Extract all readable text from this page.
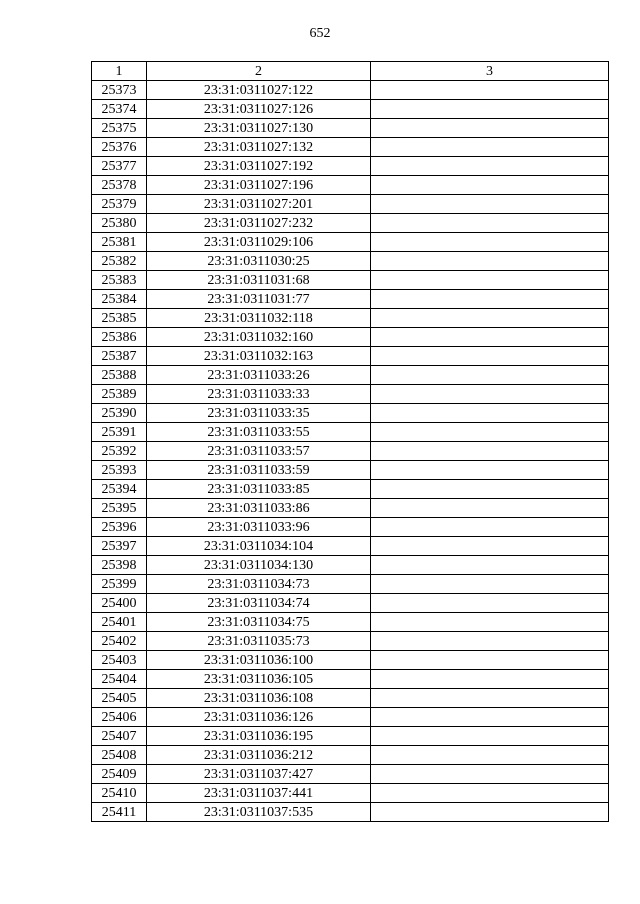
652
1	2	3
25373	23:31:0311027:122	
25374	23:31:0311027:126	
25375	23:31:0311027:130	
25376	23:31:0311027:132	
25377	23:31:0311027:192	
25378	23:31:0311027:196	
25379	23:31:0311027:201	
25380	23:31:0311027:232	
25381	23:31:0311029:106	
25382	23:31:0311030:25	
25383	23:31:0311031:68	
25384	23:31:0311031:77	
25385	23:31:0311032:118	
25386	23:31:0311032:160	
25387	23:31:0311032:163	
25388	23:31:0311033:26	
25389	23:31:0311033:33	
25390	23:31:0311033:35	
25391	23:31:0311033:55	
25392	23:31:0311033:57	
25393	23:31:0311033:59	
25394	23:31:0311033:85	
25395	23:31:0311033:86	
25396	23:31:0311033:96	
25397	23:31:0311034:104	
25398	23:31:0311034:130	
25399	23:31:0311034:73	
25400	23:31:0311034:74	
25401	23:31:0311034:75	
25402	23:31:0311035:73	
25403	23:31:0311036:100	
25404	23:31:0311036:105	
25405	23:31:0311036:108	
25406	23:31:0311036:126	
25407	23:31:0311036:195	
25408	23:31:0311036:212	
25409	23:31:0311037:427	
25410	23:31:0311037:441	
25411	23:31:0311037:535	
